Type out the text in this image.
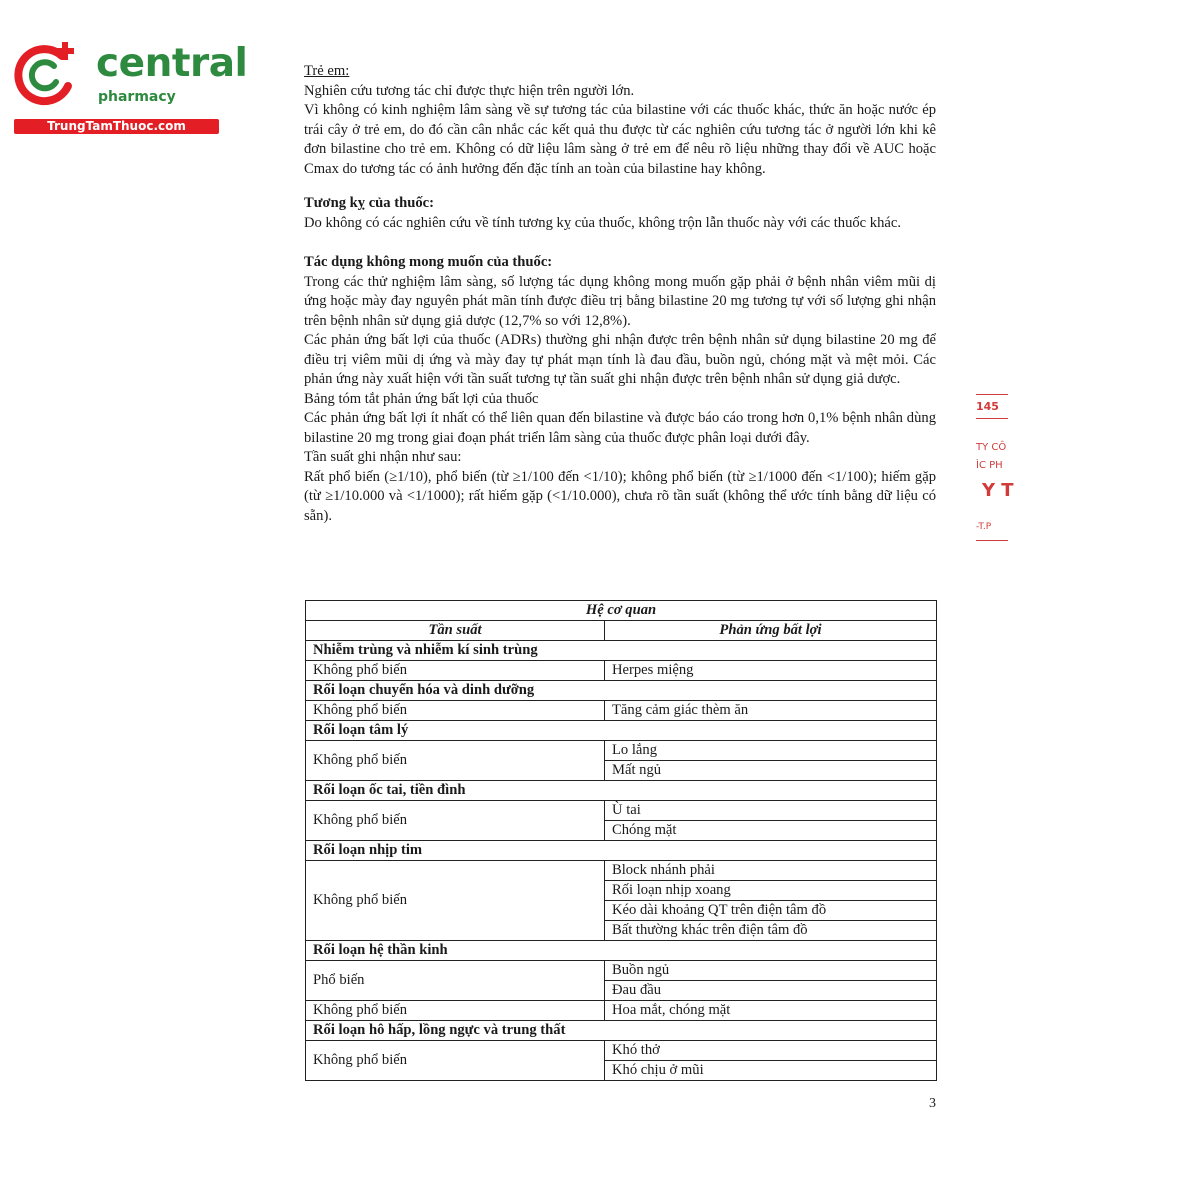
central
pharmacy
TrungTamThuoc.com

Trẻ em:

Nghiên cứu tương tác chỉ được thực hiện trên người lớn.

Vì không có kinh nghiệm lâm sàng về sự tương tác của bilastine với các thuốc khác, thức ăn hoặc nước ép trái cây ở trẻ em, do đó cần cân nhắc các kết quả thu được từ các nghiên cứu tương tác ở người lớn khi kê đơn bilastine cho trẻ em. Không có dữ liệu lâm sàng ở trẻ em để nêu rõ liệu những thay đổi về AUC hoặc Cmax do tương tác có ảnh hưởng đến đặc tính an toàn của bilastine hay không.

Tương kỵ của thuốc:

Do không có các nghiên cứu về tính tương kỵ của thuốc, không trộn lẫn thuốc này với các thuốc khác.

Tác dụng không mong muốn của thuốc:

Trong các thử nghiệm lâm sàng, số lượng tác dụng không mong muốn gặp phải ở bệnh nhân viêm mũi dị ứng hoặc mày đay nguyên phát mãn tính được điều trị bằng bilastine 20 mg tương tự với số lượng ghi nhận trên bệnh nhân sử dụng giả dược (12,7% so với 12,8%).

Các phản ứng bất lợi của thuốc (ADRs) thường ghi nhận được trên bệnh nhân sử dụng bilastine 20 mg để điều trị viêm mũi dị ứng và mày đay tự phát mạn tính là đau đầu, buồn ngủ, chóng mặt và mệt mỏi. Các phản ứng này xuất hiện với tần suất tương tự tần suất ghi nhận được trên bệnh nhân sử dụng giả dược.

Bảng tóm tắt phản ứng bất lợi của thuốc

Các phản ứng bất lợi ít nhất có thể liên quan đến bilastine và được báo cáo trong hơn 0,1% bệnh nhân dùng bilastine 20 mg trong giai đoạn phát triển lâm sàng của thuốc được phân loại dưới đây.

Tần suất ghi nhận như sau:

Rất phổ biến (≥1/10), phổ biến (từ ≥1/100 đến <1/10); không phổ biến (từ ≥1/1000 đến <1/100); hiếm gặp (từ ≥1/10.000 và <1/1000); rất hiếm gặp (<1/10.000), chưa rõ tần suất (không thể ước tính bằng dữ liệu có sẵn).

Hệ cơ quan	
Tần suất	Phản ứng bất lợi
Nhiễm trùng và nhiễm kí sinh trùng	
Không phổ biến	Herpes miệng
Rối loạn chuyển hóa và dinh dưỡng	
Không phổ biến	Tăng cảm giác thèm ăn
Rối loạn tâm lý	
Không phổ biến	Lo lắng
	Mất ngủ
Rối loạn ốc tai, tiền đình	
Không phổ biến	Ù tai
	Chóng mặt
Rối loạn nhịp tim	
Không phổ biến	Block nhánh phải
	Rối loạn nhịp xoang
	Kéo dài khoảng QT trên điện tâm đồ
	Bất thường khác trên điện tâm đồ
Rối loạn hệ thần kinh	
Phổ biến	Buồn ngủ
	Đau đầu
Không phổ biến	Hoa mắt, chóng mặt
Rối loạn hô hấp, lồng ngực và trung thất	
Không phổ biến	Khó thở
	Khó chịu ở mũi
3
145
TY CÔ
ÌC PH
Y T
-T.P
